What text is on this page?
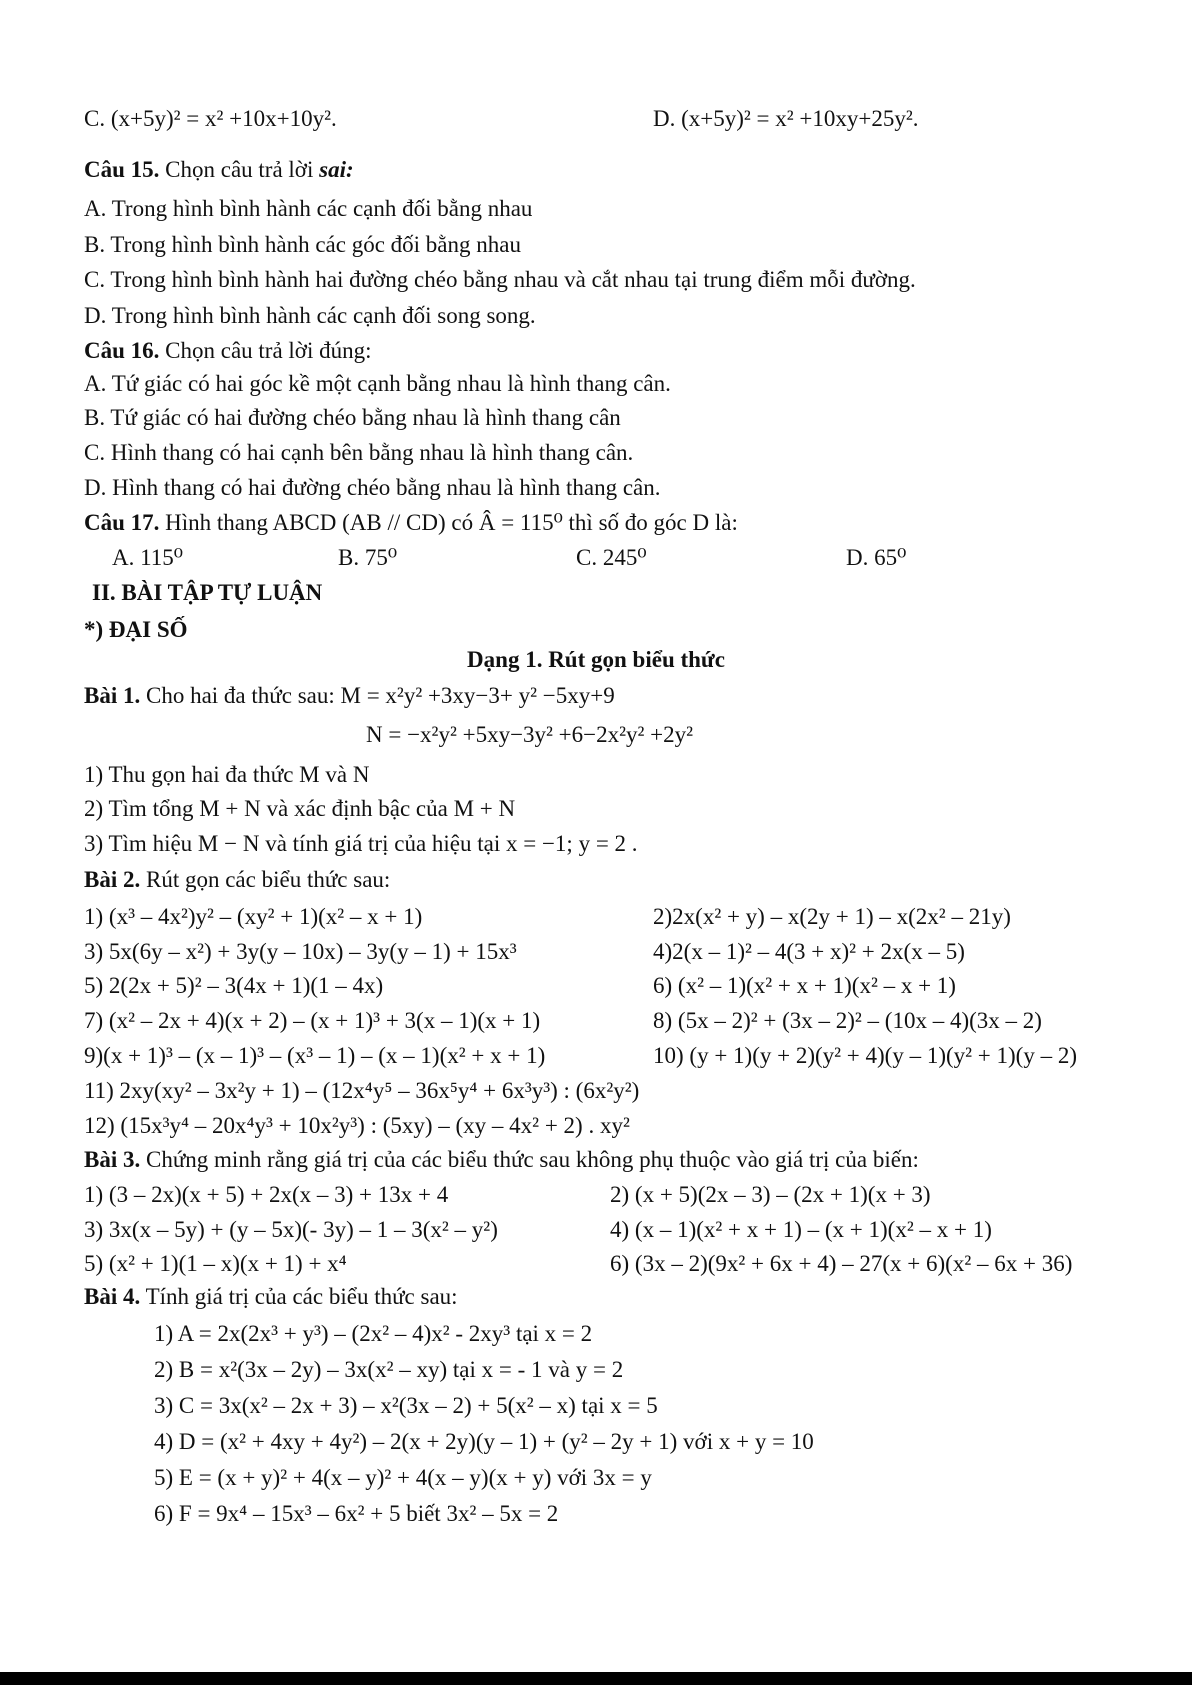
C. (x+5y)² = x² +10x+10y².	D. (x+5y)² = x² +10xy+25y².
Câu 15. Chọn câu trả lời sai:
A. Trong hình bình hành các cạnh đối bằng nhau
B. Trong hình bình hành các góc đối bằng nhau
C. Trong hình bình hành hai đường chéo bằng nhau và cắt nhau tại trung điểm mỗi đường.
D. Trong hình bình hành các cạnh đối song song.
Câu 16. Chọn câu trả lời đúng:
A. Tứ giác có hai góc kề một cạnh bằng nhau là hình thang cân.
B. Tứ giác có hai đường chéo bằng nhau là hình thang cân
C. Hình thang có hai cạnh bên bằng nhau là hình thang cân.
D. Hình thang có hai đường chéo bằng nhau là hình thang cân.
Câu 17. Hình thang ABCD (AB // CD) có Â = 115⁰ thì số đo góc D là:
A. 115⁰	B. 75⁰	C. 245⁰	D. 65⁰
II. BÀI TẬP TỰ LUẬN
*) ĐẠI SỐ
Dạng 1. Rút gọn biểu thức
Bài 1. Cho hai đa thức sau: M = x²y² +3xy−3+ y² −5xy+9
N = −x²y² +5xy−3y² +6−2x²y² +2y²
1) Thu gọn hai đa thức M và N
2) Tìm tổng M + N và xác định bậc của M + N
3) Tìm hiệu M − N và tính giá trị của hiệu tại x = −1; y = 2 .
Bài 2. Rút gọn các biểu thức sau:
1) (x³ – 4x²)y² – (xy² + 1)(x² – x + 1)	2)2x(x² + y) – x(2y + 1) – x(2x² – 21y)
3) 5x(6y – x²) + 3y(y – 10x) – 3y(y – 1) + 15x³	4)2(x – 1)² – 4(3 + x)² + 2x(x – 5)
5) 2(2x + 5)² – 3(4x + 1)(1 – 4x)	6) (x² – 1)(x² + x + 1)(x² – x + 1)
7) (x² – 2x + 4)(x + 2) – (x + 1)³ + 3(x – 1)(x + 1)	8) (5x – 2)² + (3x – 2)² – (10x – 4)(3x – 2)
9)(x + 1)³ – (x – 1)³ – (x³ – 1) – (x – 1)(x² + x + 1)	10) (y + 1)(y + 2)(y² + 4)(y – 1)(y² + 1)(y – 2)
11) 2xy(xy² – 3x²y + 1) – (12x⁴y⁵ – 36x⁵y⁴ + 6x³y³) : (6x²y²)
12) (15x³y⁴ – 20x⁴y³ + 10x²y³) : (5xy) – (xy – 4x² + 2) . xy²
Bài 3. Chứng minh rằng giá trị của các biểu thức sau không phụ thuộc vào giá trị của biến:
1) (3 – 2x)(x + 5) + 2x(x – 3) + 13x + 4	2) (x + 5)(2x – 3) – (2x + 1)(x + 3)
3) 3x(x – 5y) + (y – 5x)(- 3y) – 1 – 3(x² – y²)	4) (x – 1)(x² + x + 1) – (x + 1)(x² – x + 1)
5) (x² + 1)(1 – x)(x + 1) + x⁴	6) (3x – 2)(9x² + 6x + 4) – 27(x + 6)(x² – 6x + 36)
Bài 4. Tính giá trị của các biểu thức sau:
1) A = 2x(2x³ + y³) – (2x² – 4)x² - 2xy³ tại x = 2
2) B = x²(3x – 2y) – 3x(x² – xy) tại x = - 1 và y = 2
3) C = 3x(x² – 2x + 3) – x²(3x – 2) + 5(x² – x) tại x = 5
4) D = (x² + 4xy + 4y²) – 2(x + 2y)(y – 1) + (y² – 2y + 1) với x + y = 10
5) E = (x + y)² + 4(x – y)² + 4(x – y)(x + y) với 3x = y
6) F = 9x⁴ – 15x³ – 6x² + 5 biết 3x² – 5x = 2
